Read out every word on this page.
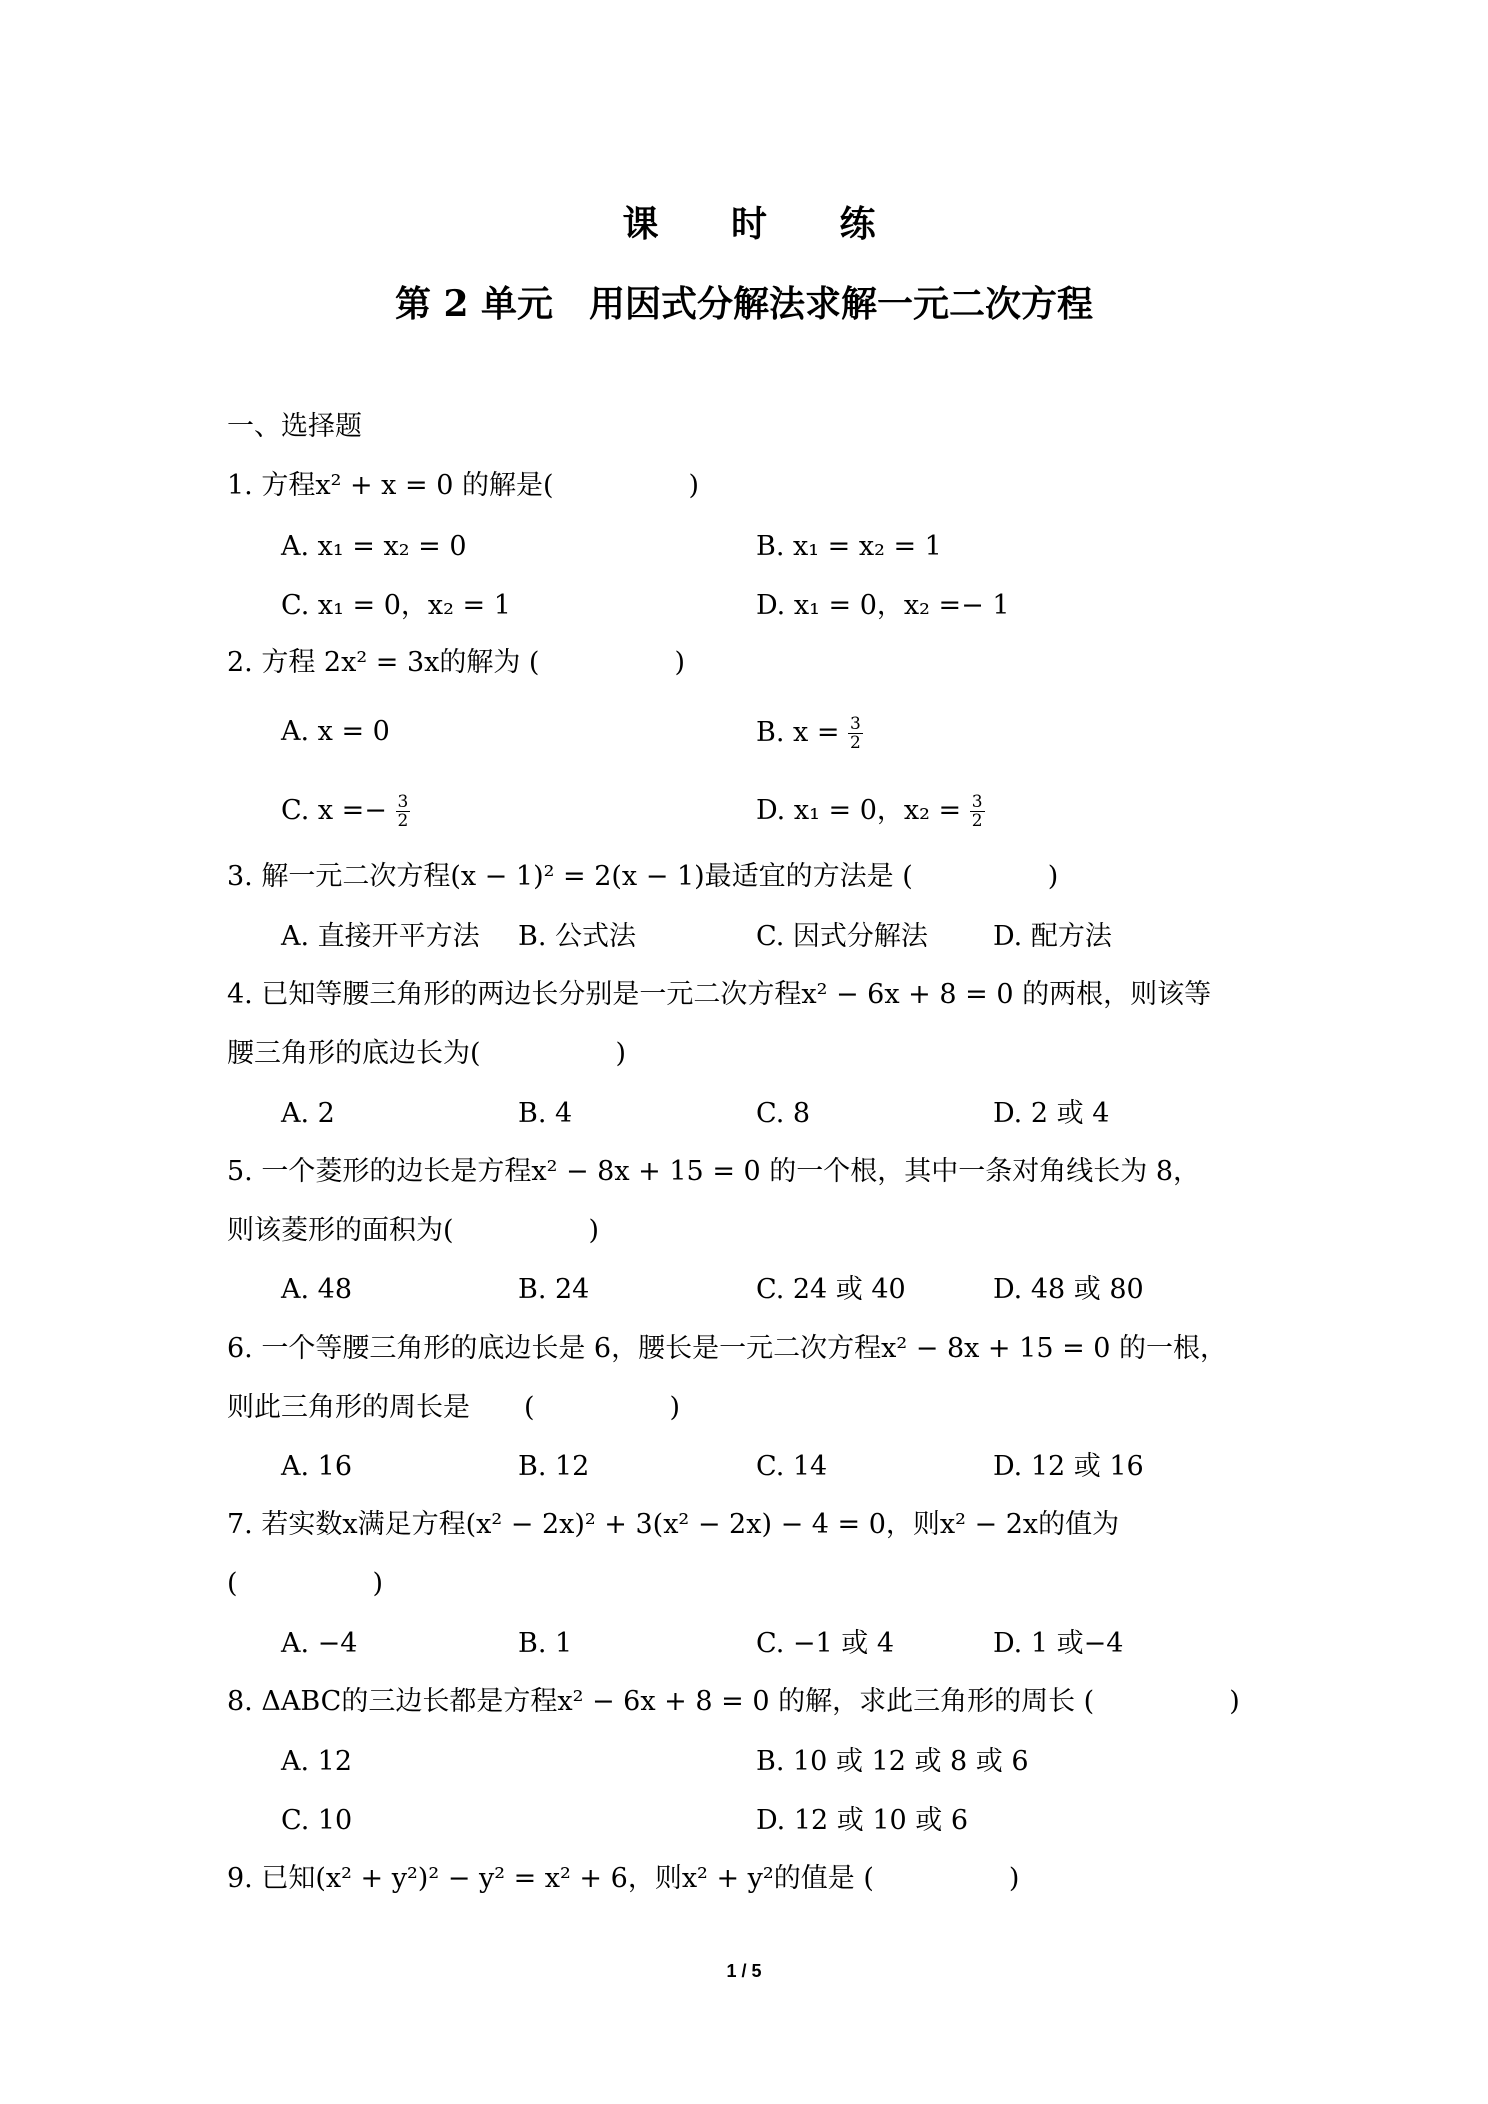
课 时 练
第 2 单元　用因式分解法求解一元二次方程
一、选择题
1. 方程x² + x = 0 的解是(　　　　　)
A. x₁ = x₂ = 0	B. x₁ = x₂ = 1
C. x₁ = 0，x₂ = 1	D. x₁ = 0，x₂ =− 1
2. 方程 2x² = 3x的解为 (　　　　　)
A. x = 0	B. $x = \frac{3}{2}$
C. $x =- \frac{3}{2}$	D. x₁ = 0，$x_2 = \frac{3}{2}$
3. 解一元二次方程(x − 1)² = 2(x − 1)最适宜的方法是 (　　　　　)
A. 直接开平方法 B. 公式法	C. 因式分解法 D. 配方法
4. 已知等腰三角形的两边长分别是一元二次方程x² − 6x + 8 = 0 的两根，则该等
腰三角形的底边长为(　　　　　)
A. 2	B. 4	C. 8	D. 2 或 4
5. 一个菱形的边长是方程x² − 8x + 15 = 0 的一个根，其中一条对角线长为 8，
则该菱形的面积为(　　　　　)
A. 48	B. 24	C. 24 或 40	D. 48 或 80
6. 一个等腰三角形的底边长是 6，腰长是一元二次方程x² − 8x + 15 = 0 的一根，
则此三角形的周长是　　(　　　　　)
A. 16	B. 12	C. 14	D. 12 或 16
7. 若实数x满足方程(x² − 2x)² + 3(x² − 2x) − 4 = 0，则x² − 2x的值为
(　　　　　)
A. −4	B. 1	C. −1 或 4	D. 1 或−4
8. ΔABC的三边长都是方程x² − 6x + 8 = 0 的解，求此三角形的周长 (　　　　　)
A. 12	B. 10 或 12 或 8 或 6
C. 10	D. 12 或 10 或 6
9. 已知(x² + y²)² − y² = x² + 6，则x² + y²的值是 (　　　　　)
1 / 5
